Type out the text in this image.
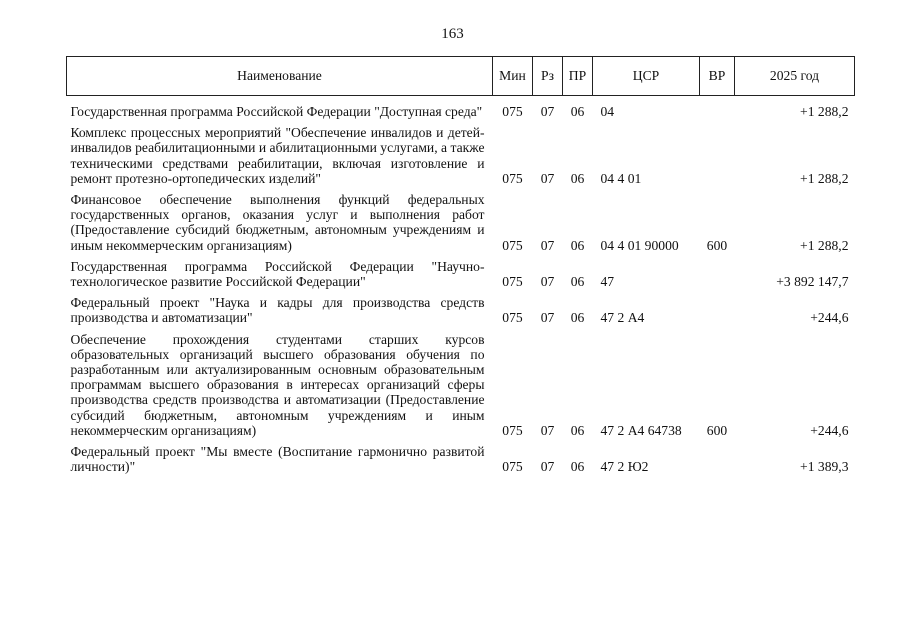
163
Наименование	Мин	Рз	ПР	ЦСР	ВР	2025 год
Государственная программа Российской Федерации "Доступная среда"	075	07	06	04		+1 288,2
Комплекс процессных мероприятий "Обеспечение инвалидов и детей-инвалидов реабилитационными и абилитационными услугами, а также техническими средствами реабилитации, включая изготовление и ремонт протезно-ортопедических изделий"	075	07	06	04 4 01		+1 288,2
Финансовое обеспечение выполнения функций федеральных государственных органов, оказания услуг и выполнения работ (Предоставление субсидий бюджетным, автономным учреждениям и иным некоммерческим организациям)	075	07	06	04 4 01 90000	600	+1 288,2
Государственная программа Российской Федерации "Научно-технологическое развитие Российской Федерации"	075	07	06	47		+3 892 147,7
Федеральный проект "Наука и кадры для производства средств производства и автоматизации"	075	07	06	47 2 А4		+244,6
Обеспечение прохождения студентами старших курсов образовательных организаций высшего образования обучения по разработанным или актуализированным основным образовательным программам высшего образования в интересах организаций сферы производства средств производства и автоматизации (Предоставление субсидий бюджетным, автономным учреждениям и иным некоммерческим организациям)	075	07	06	47 2 А4 64738	600	+244,6
Федеральный проект "Мы вместе (Воспитание гармонично развитой личности)"	075	07	06	47 2 Ю2		+1 389,3
